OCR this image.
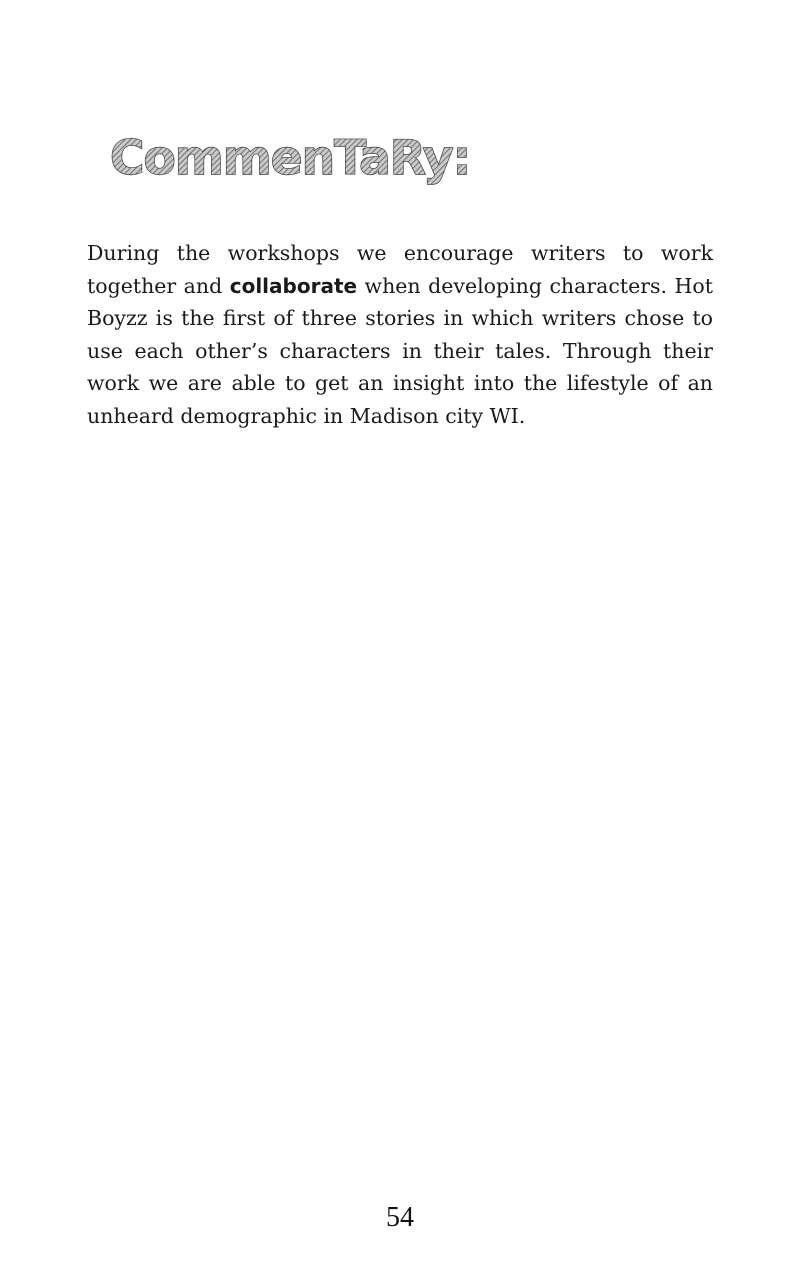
CommenTaRy:

During the workshops we encourage writers to work together and collaborate when developing characters. Hot Boyzz is the first of three stories in which writers chose to use each other’s characters in their tales. Through their work we are able to get an insight into the lifestyle of an unheard demographic in Madison city WI.

54
